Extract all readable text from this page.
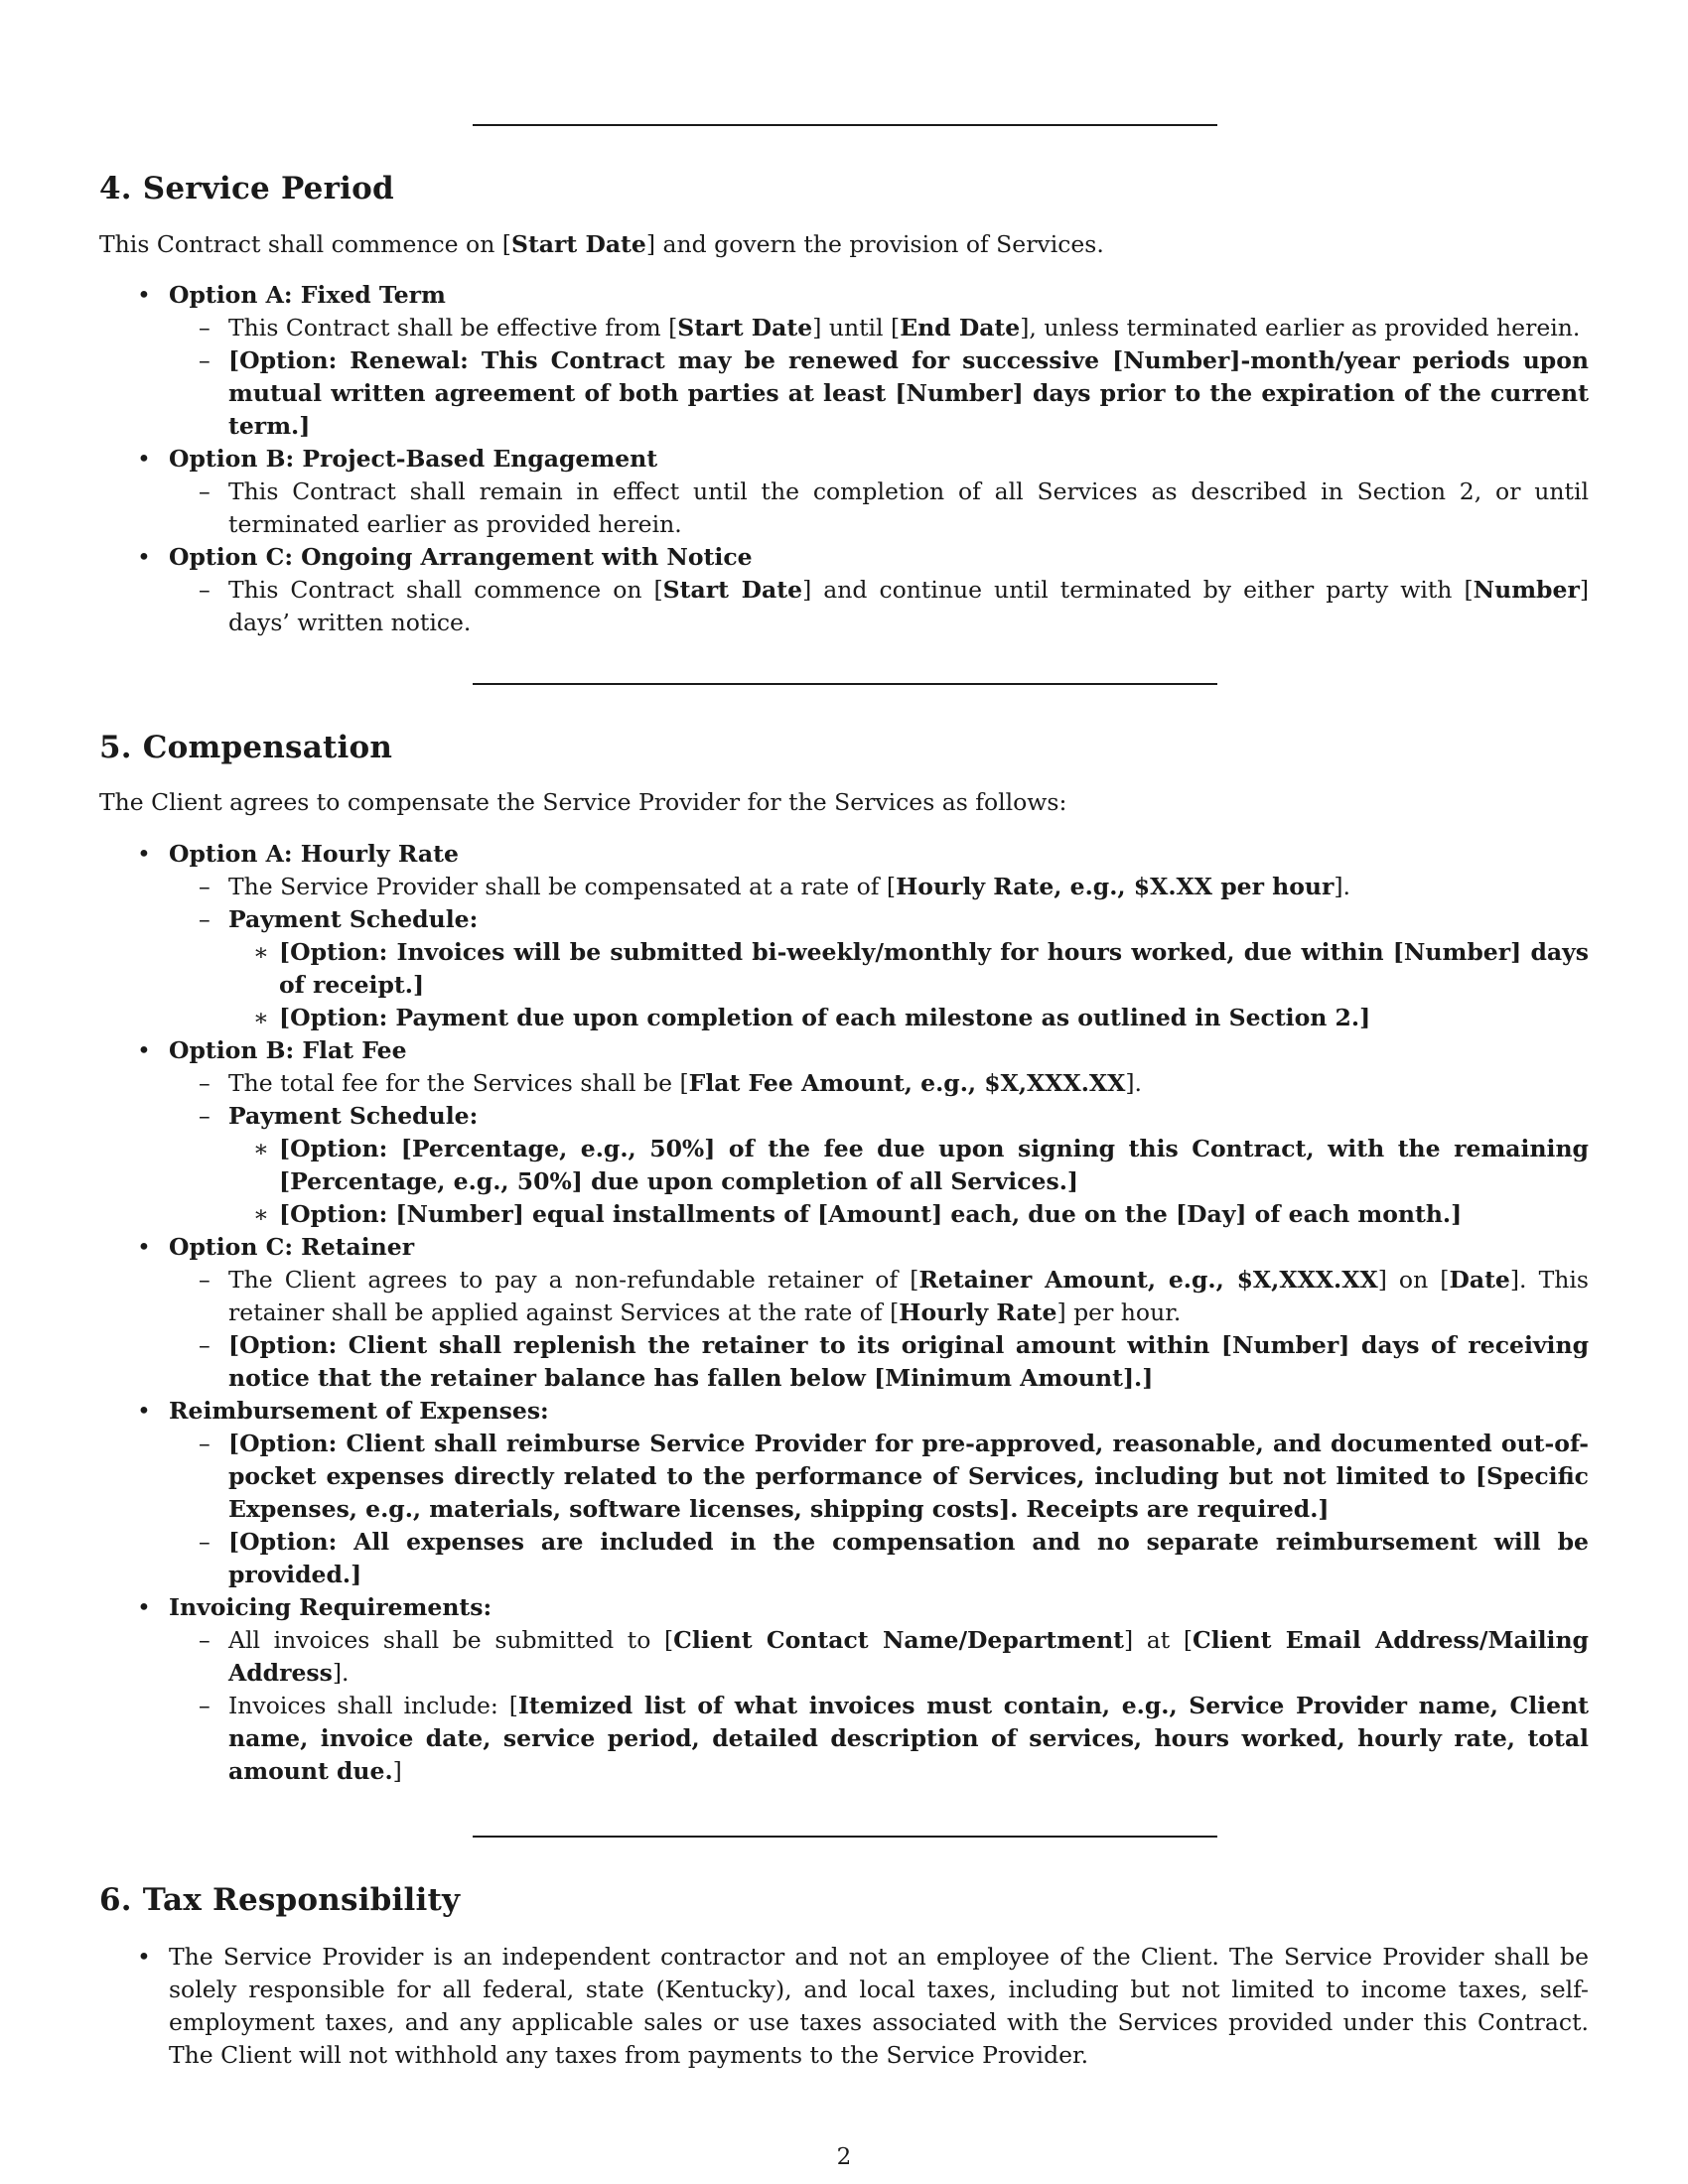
4. Service Period

This Contract shall commence on [Start Date] and govern the provision of Services.

• Option A: Fixed Term
– This Contract shall be effective from [Start Date] until [End Date], unless terminated earlier as provided herein.
– [Option: Renewal: This Contract may be renewed for successive [Number]-month/year periods upon mutual written agreement of both parties at least [Number] days prior to the expiration of the current term.]
• Option B: Project-Based Engagement
– This Contract shall remain in effect until the completion of all Services as described in Section 2, or until terminated earlier as provided herein.
• Option C: Ongoing Arrangement with Notice
– This Contract shall commence on [Start Date] and continue until terminated by either party with [Number] days’ written notice.
5. Compensation

The Client agrees to compensate the Service Provider for the Services as follows:

• Option A: Hourly Rate
– The Service Provider shall be compensated at a rate of [Hourly Rate, e.g., $X.XX per hour].
– Payment Schedule:
∗ [Option: Invoices will be submitted bi-weekly/monthly for hours worked, due within [Number] days of receipt.]
∗ [Option: Payment due upon completion of each milestone as outlined in Section 2.]
• Option B: Flat Fee
– The total fee for the Services shall be [Flat Fee Amount, e.g., $X,XXX.XX].
– Payment Schedule:
∗ [Option: [Percentage, e.g., 50%] of the fee due upon signing this Contract, with the remaining [Percentage, e.g., 50%] due upon completion of all Services.]
∗ [Option: [Number] equal installments of [Amount] each, due on the [Day] of each month.]
• Option C: Retainer
– The Client agrees to pay a non-refundable retainer of [Retainer Amount, e.g., $X,XXX.XX] on [Date]. This retainer shall be applied against Services at the rate of [Hourly Rate] per hour.
– [Option: Client shall replenish the retainer to its original amount within [Number] days of receiving notice that the retainer balance has fallen below [Minimum Amount].]
• Reimbursement of Expenses:
– [Option: Client shall reimburse Service Provider for pre-approved, reasonable, and documented out-of-pocket expenses directly related to the performance of Services, including but not limited to [Specific Expenses, e.g., materials, software licenses, shipping costs]. Receipts are required.]
– [Option: All expenses are included in the compensation and no separate reimbursement will be provided.]
• Invoicing Requirements:
– All invoices shall be submitted to [Client Contact Name/Department] at [Client Email Address/Mailing Address].
– Invoices shall include: [Itemized list of what invoices must contain, e.g., Service Provider name, Client name, invoice date, service period, detailed description of services, hours worked, hourly rate, total amount due.]
6. Tax Responsibility
• The Service Provider is an independent contractor and not an employee of the Client. The Service Provider shall be solely responsible for all federal, state (Kentucky), and local taxes, including but not limited to income taxes, self-employment taxes, and any applicable sales or use taxes associated with the Services provided under this Contract. The Client will not withhold any taxes from payments to the Service Provider.
2
